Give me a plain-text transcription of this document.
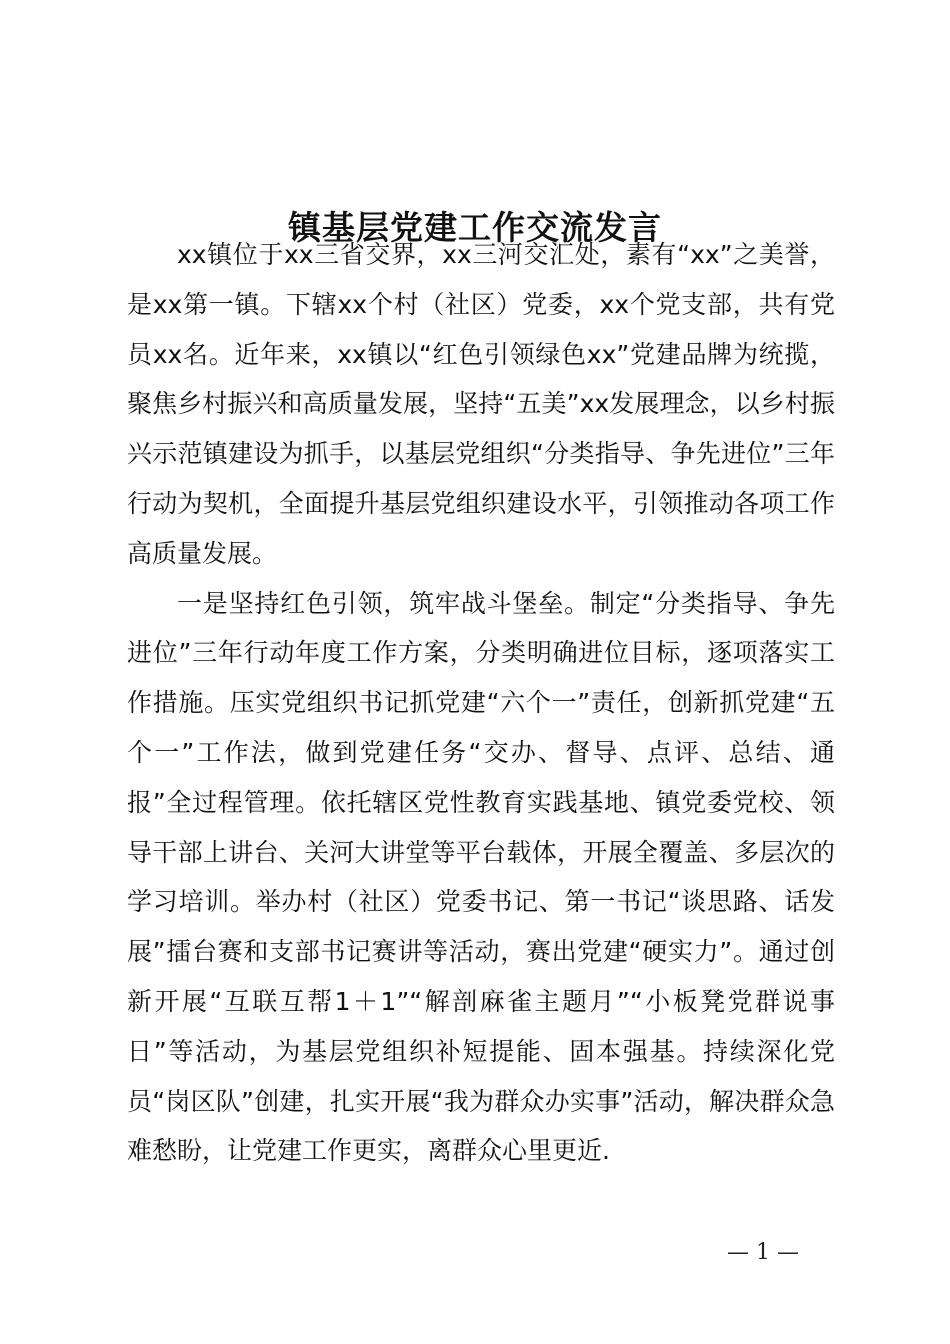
镇基层党建工作交流发言

xx镇位于xx三省交界，xx三河交汇处，素有“xx”之美誉，是xx第一镇。下辖xx个村（社区）党委，xx个党支部，共有党员xx名。近年来，xx镇以“红色引领绿色xx”党建品牌为统揽，聚焦乡村振兴和高质量发展，坚持“五美”xx发展理念，以乡村振兴示范镇建设为抓手，以基层党组织“分类指导、争先进位”三年行动为契机，全面提升基层党组织建设水平，引领推动各项工作高质量发展。

一是坚持红色引领，筑牢战斗堡垒。制定“分类指导、争先进位”三年行动年度工作方案，分类明确进位目标，逐项落实工作措施。压实党组织书记抓党建“六个一”责任，创新抓党建“五个一”工作法，做到党建任务“交办、督导、点评、总结、通报”全过程管理。依托辖区党性教育实践基地、镇党委党校、领导干部上讲台、关河大讲堂等平台载体，开展全覆盖、多层次的学习培训。举办村（社区）党委书记、第一书记“谈思路、话发展”擂台赛和支部书记赛讲等活动，赛出党建“硬实力”。通过创新开展“互联互帮1＋1”“解剖麻雀主题月”“小板凳党群说事日”等活动，为基层党组织补短提能、固本强基。持续深化党员“岗区队”创建，扎实开展“我为群众办实事”活动，解决群众急难愁盼，让党建工作更实，离群众心里更近.

— 1 —
